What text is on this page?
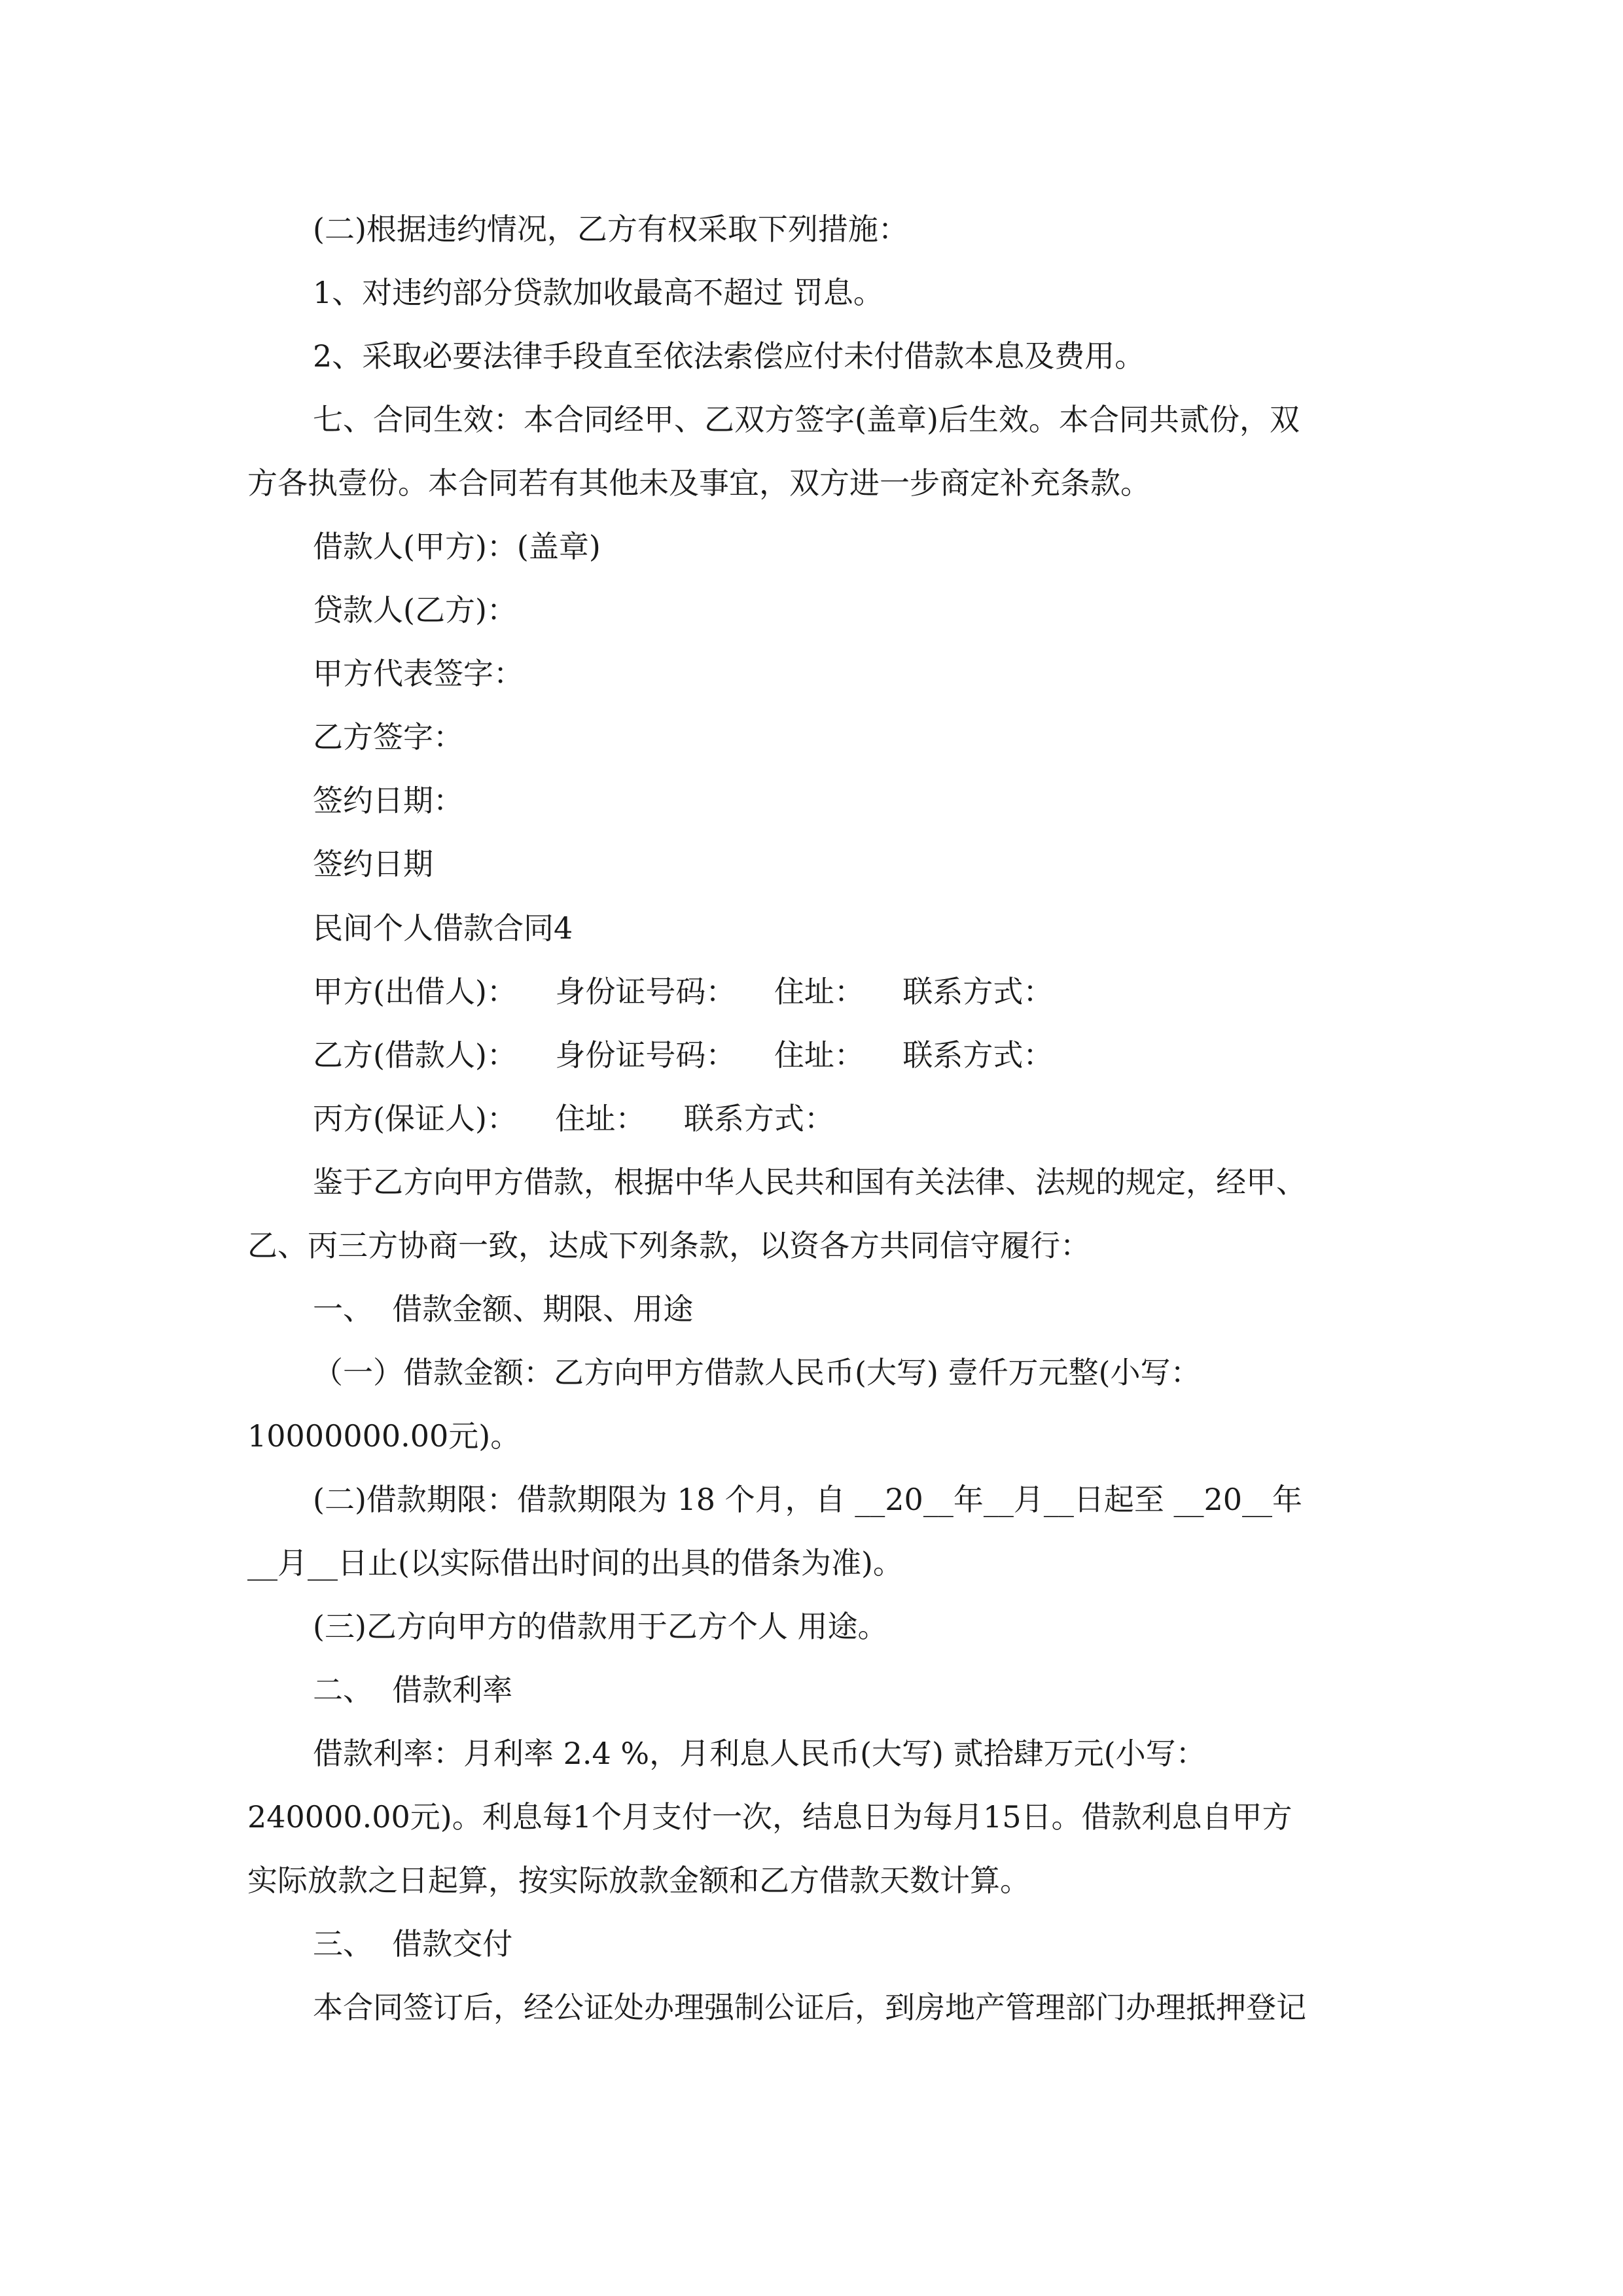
(二)根据违约情况，乙方有权采取下列措施：
1、对违约部分贷款加收最高不超过 罚息。
2、采取必要法律手段直至依法索偿应付未付借款本息及费用。
七、合同生效：本合同经甲、乙双方签字(盖章)后生效。本合同共贰份，双
方各执壹份。本合同若有其他未及事宜，双方进一步商定补充条款。
借款人(甲方)：(盖章)
贷款人(乙方)：
甲方代表签字：
乙方签字：
签约日期：
签约日期
民间个人借款合同4
甲方(出借人)：    身份证号码：    住址：    联系方式：
乙方(借款人)：    身份证号码：    住址：    联系方式：
丙方(保证人)：    住址：    联系方式：
鉴于乙方向甲方借款，根据中华人民共和国有关法律、法规的规定，经甲、
乙、丙三方协商一致，达成下列条款，以资各方共同信守履行：
一、  借款金额、期限、用途
（一）借款金额：乙方向甲方借款人民币(大写) 壹仟万元整(小写：
10000000.00元)。
(二)借款期限：借款期限为 18 个月，自 __20__年__月__日起至 __20__年
__月__日止(以实际借出时间的出具的借条为准)。
(三)乙方向甲方的借款用于乙方个人 用途。
二、  借款利率
借款利率：月利率 2.4 %，月利息人民币(大写) 贰拾肆万元(小写：
240000.00元)。利息每1个月支付一次，结息日为每月15日。借款利息自甲方
实际放款之日起算，按实际放款金额和乙方借款天数计算。
三、  借款交付
本合同签订后，经公证处办理强制公证后，到房地产管理部门办理抵押登记
